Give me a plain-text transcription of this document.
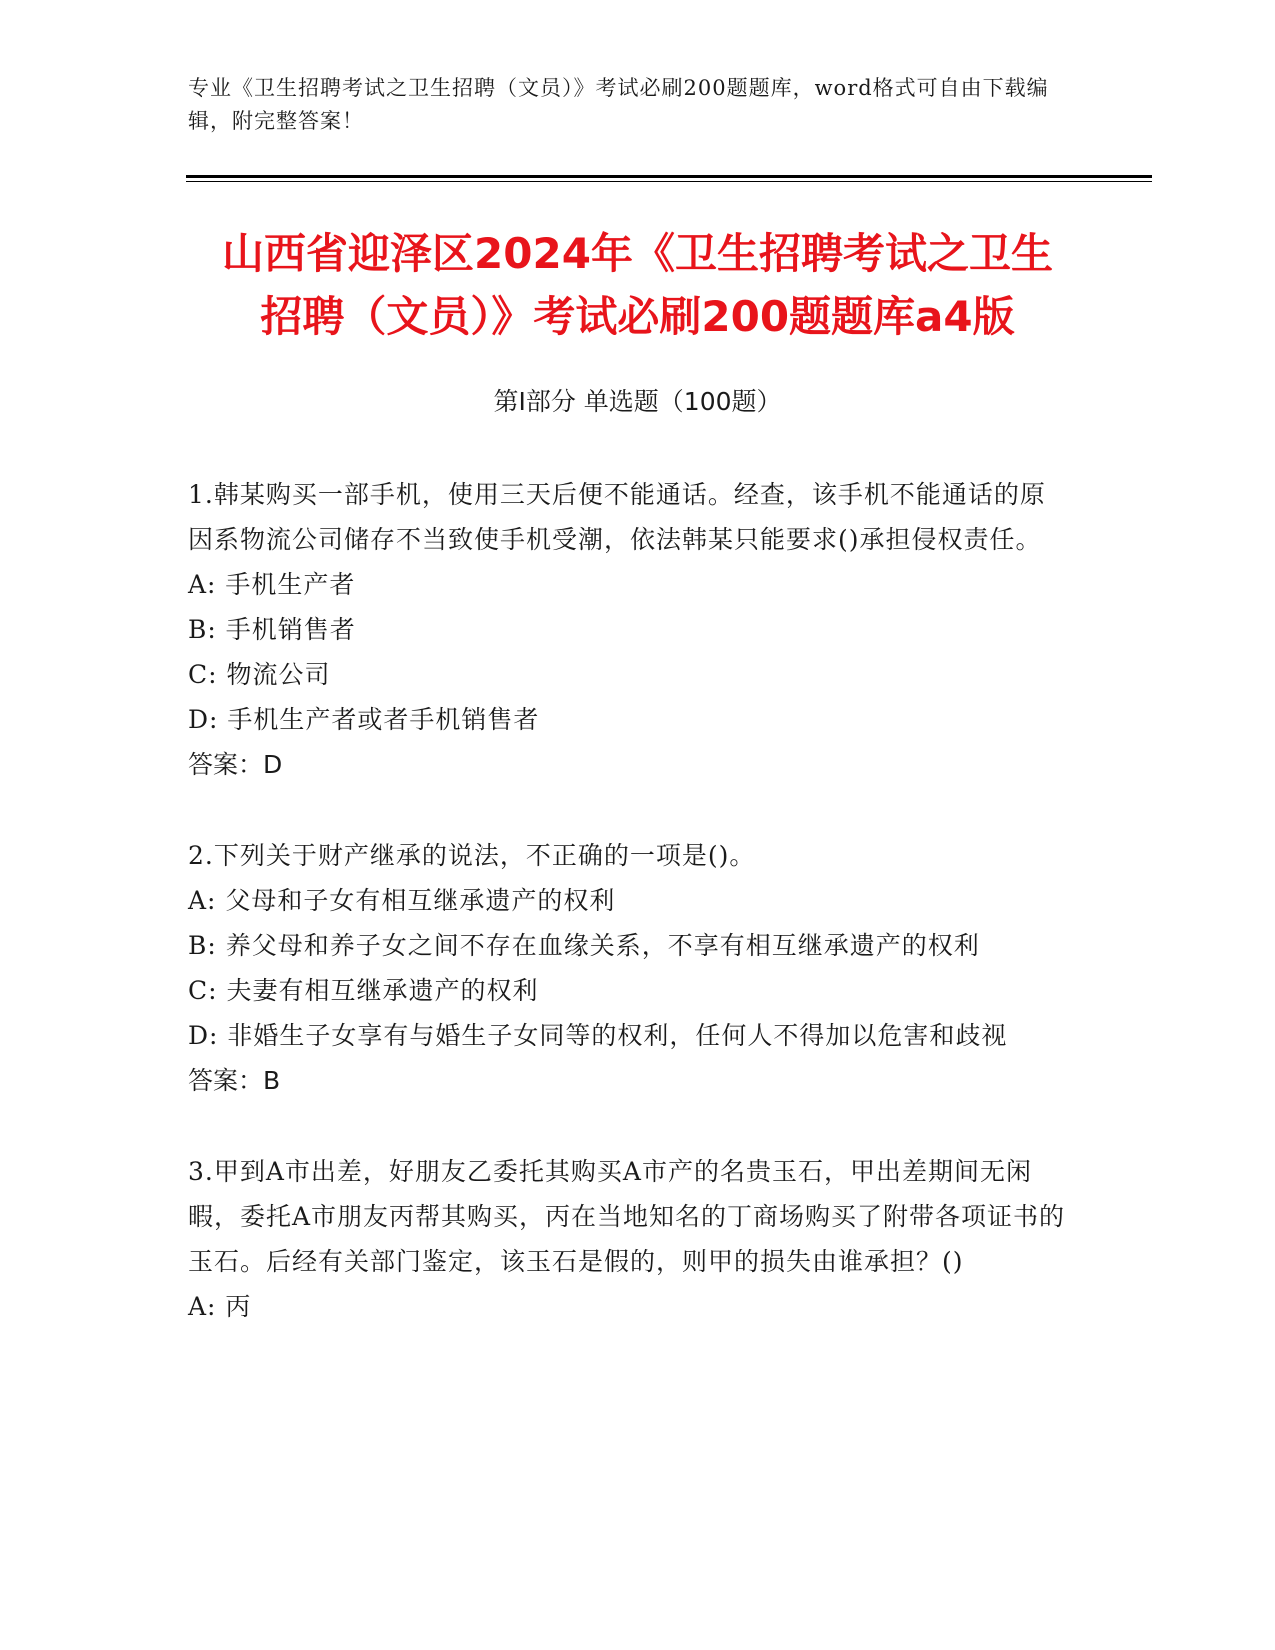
专业《卫生招聘考试之卫生招聘（文员）》考试必刷200题题库，word格式可自由下载编辑，附完整答案！
山西省迎泽区2024年《卫生招聘考试之卫生
招聘（文员）》考试必刷200题题库a4版
第I部分 单选题（100题）
1.韩某购买一部手机，使用三天后便不能通话。经查，该手机不能通话的原因系物流公司储存不当致使手机受潮，依法韩某只能要求()承担侵权责任。
A: 手机生产者
B: 手机销售者
C: 物流公司
D: 手机生产者或者手机销售者
答案：D
2.下列关于财产继承的说法，不正确的一项是()。
A: 父母和子女有相互继承遗产的权利
B: 养父母和养子女之间不存在血缘关系，不享有相互继承遗产的权利
C: 夫妻有相互继承遗产的权利
D: 非婚生子女享有与婚生子女同等的权利，任何人不得加以危害和歧视
答案：B
3.甲到A市出差，好朋友乙委托其购买A市产的名贵玉石，甲出差期间无闲暇，委托A市朋友丙帮其购买，丙在当地知名的丁商场购买了附带各项证书的玉石。后经有关部门鉴定，该玉石是假的，则甲的损失由谁承担？()
A: 丙
